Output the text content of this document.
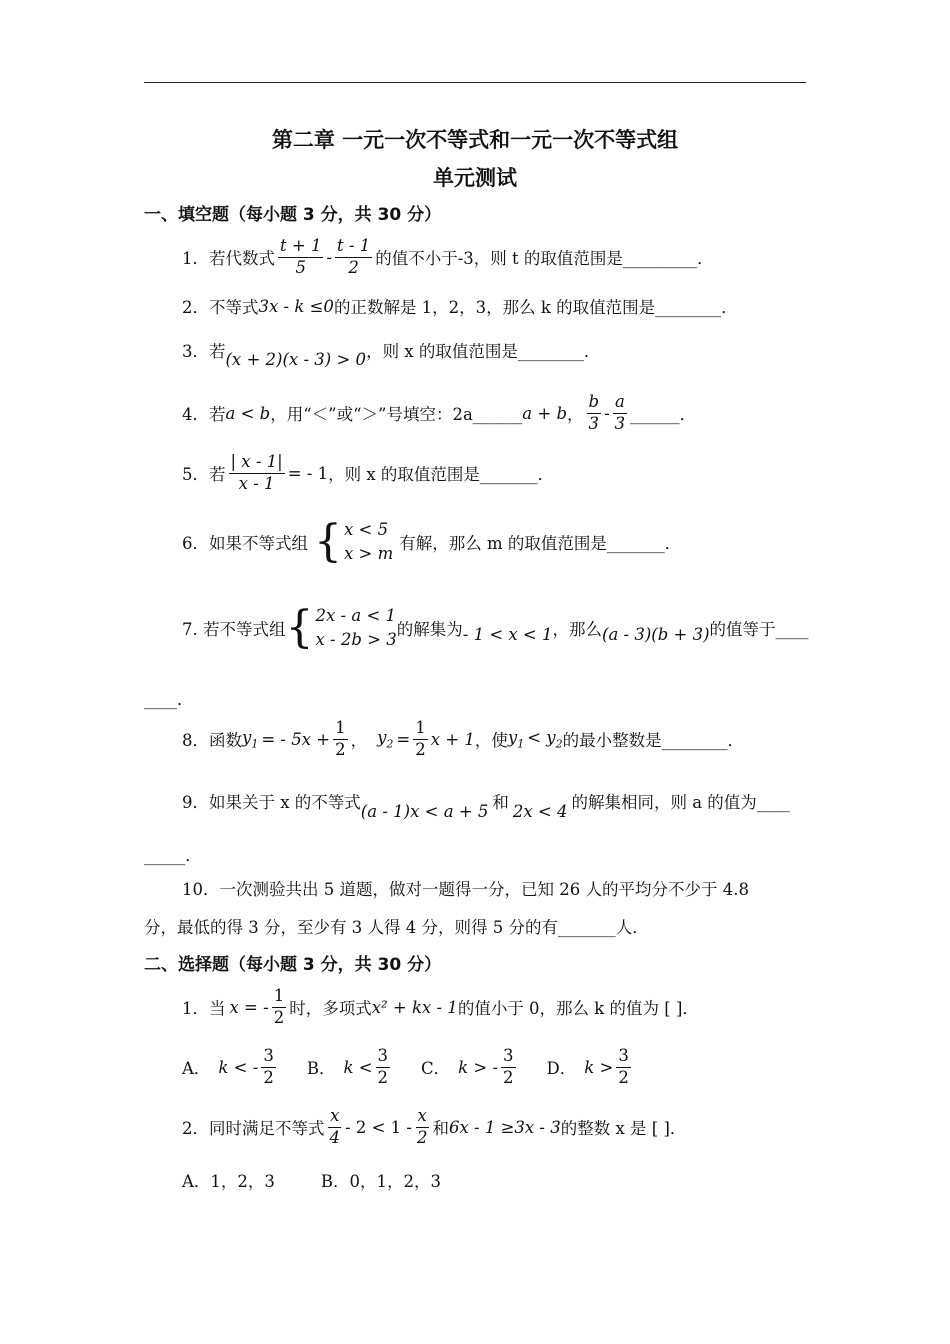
第二章 一元一次不等式和一元一次不等式组
单元测试
一、填空题（每小题 3 分，共 30 分）
1．若代数式 $\frac{t + 1}{5} - \frac{t - 1}{2}$ 的值不小于-3，则 t 的取值范围是_________．
2．不等式 3x - k ≤0 的正数解是 1，2，3，那么 k 的取值范围是________．
3．若 (x + 2)(x - 3) > 0 ，则 x 的取值范围是________．
4．若 a < b ，用“＜”或“＞”号填空：2a______ a + b ， $\frac{b}{3} - \frac{a}{3}$ ______．
5．若 $\frac{| x - 1|}{x - 1}$ = - 1 ，则 x 的取值范围是_______．
6．如果不等式组 { x < 5
x > m
有解，那么 m 的取值范围是_______．
7. 若不等式组 { 2x - a < 1
x - 2b > 3
的解集为 - 1 < x < 1 ，那么 (a - 3)(b + 3) 的值等于____
____．
8．函数 $y_1$ = - $5x + \frac{1}{2}$ ， $y_2 = \frac{1}{2}$ x + 1 ，使 $y_1 < y_2$ 的最小整数是________．
9．如果关于 x 的不等式 (a - 1)x < a + 5 和 2x < 4 的解集相同，则 a 的值为____
_____．
10．一次测验共出 5 道题，做对一题得一分，已知 26 人的平均分不少于 4.8
分，最低的得 3 分，至少有 3 人得 4 分，则得 5 分的有_______人．
二、选择题（每小题 3 分，共 30 分）
1．当 x = - $\frac{1}{2}$ 时，多项式 x² + kx - 1 的值小于 0，那么 k 的值为 [ ]．
A． k < - $\frac{3}{2}$ B． $k < \frac{3}{2}$ C． k > - $\frac{3}{2}$ D． $k > \frac{3}{2}$
2．同时满足不等式 $\frac{x}{4} - 2 < 1 - \frac{x}{2}$ 和 6x - 1 ≥3x - 3 的整数 x 是 [ ]．
A．1，2，3	B．0，1，2，3
